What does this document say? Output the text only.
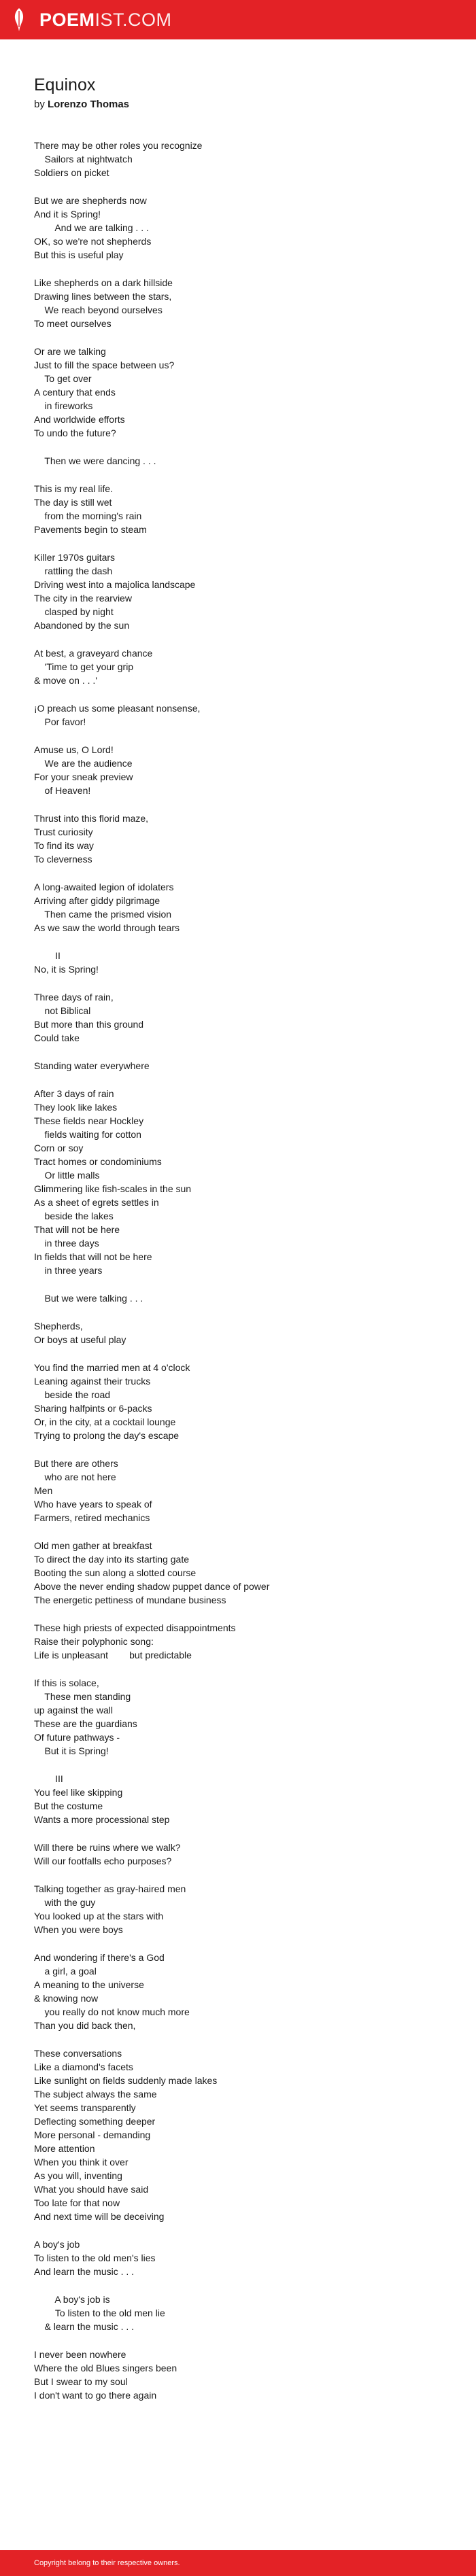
POEMIST.COM
Equinox
by Lorenzo Thomas
There may be other roles you recognize
Sailors at nightwatch
Soldiers on picket
But we are shepherds now
And it is Spring!
And we are talking . . .
OK, so we're not shepherds
But this is useful play
Like shepherds on a dark hillside
Drawing lines between the stars,
We reach beyond ourselves
To meet ourselves
Or are we talking
Just to fill the space between us?
To get over
A century that ends
in fireworks
And worldwide efforts
To undo the future?
Then we were dancing . . .
This is my real life.
The day is still wet
from the morning's rain
Pavements begin to steam
Killer 1970s guitars
rattling the dash
Driving west into a majolica landscape
The city in the rearview
clasped by night
Abandoned by the sun
At best, a graveyard chance
'Time to get your grip
& move on . . .'
¡O preach us some pleasant nonsense,
Por favor!
Amuse us, O Lord!
We are the audience
For your sneak preview
of Heaven!
Thrust into this florid maze,
Trust curiosity
To find its way
To cleverness
A long-awaited legion of idolaters
Arriving after giddy pilgrimage
Then came the prismed vision
As we saw the world through tears
II
No, it is Spring!
Three days of rain,
not Biblical
But more than this ground
Could take
Standing water everywhere
After 3 days of rain
They look like lakes
These fields near Hockley
fields waiting for cotton
Corn or soy
Tract homes or condominiums
Or little malls
Glimmering like fish-scales in the sun
As a sheet of egrets settles in
beside the lakes
That will not be here
in three days
In fields that will not be here
in three years
But we were talking . . .
Shepherds,
Or boys at useful play
You find the married men at 4 o'clock
Leaning against their trucks
beside the road
Sharing halfpints or 6-packs
Or, in the city, at a cocktail lounge
Trying to prolong the day's escape
But there are others
who are not here
Men
Who have years to speak of
Farmers, retired mechanics
Old men gather at breakfast
To direct the day into its starting gate
Booting the sun along a slotted course
Above the never ending shadow puppet dance of power
The energetic pettiness of mundane business
These high priests of expected disappointments
Raise their polyphonic song:
Life is unpleasant        but predictable
If this is solace,
These men standing
up against the wall
These are the guardians
Of future pathways -
But it is Spring!
III
You feel like skipping
But the costume
Wants a more processional step
Will there be ruins where we walk?
Will our footfalls echo purposes?
Talking together as gray-haired men
with the guy
You looked up at the stars with
When you were boys
And wondering if there's a God
a girl, a goal
A meaning to the universe
& knowing now
you really do not know much more
Than you did back then,
These conversations
Like a diamond's facets
Like sunlight on fields suddenly made lakes
The subject always the same
Yet seems transparently
Deflecting something deeper
More personal - demanding
More attention
When you think it over
As you will, inventing
What you should have said
Too late for that now
And next time will be deceiving
A boy's job
To listen to the old men's lies
And learn the music . . .
A boy's job is
To listen to the old men lie
& learn the music . . .
I never been nowhere
Where the old Blues singers been
But I swear to my soul
I don't want to go there again
Copyright belong to their respective owners.
